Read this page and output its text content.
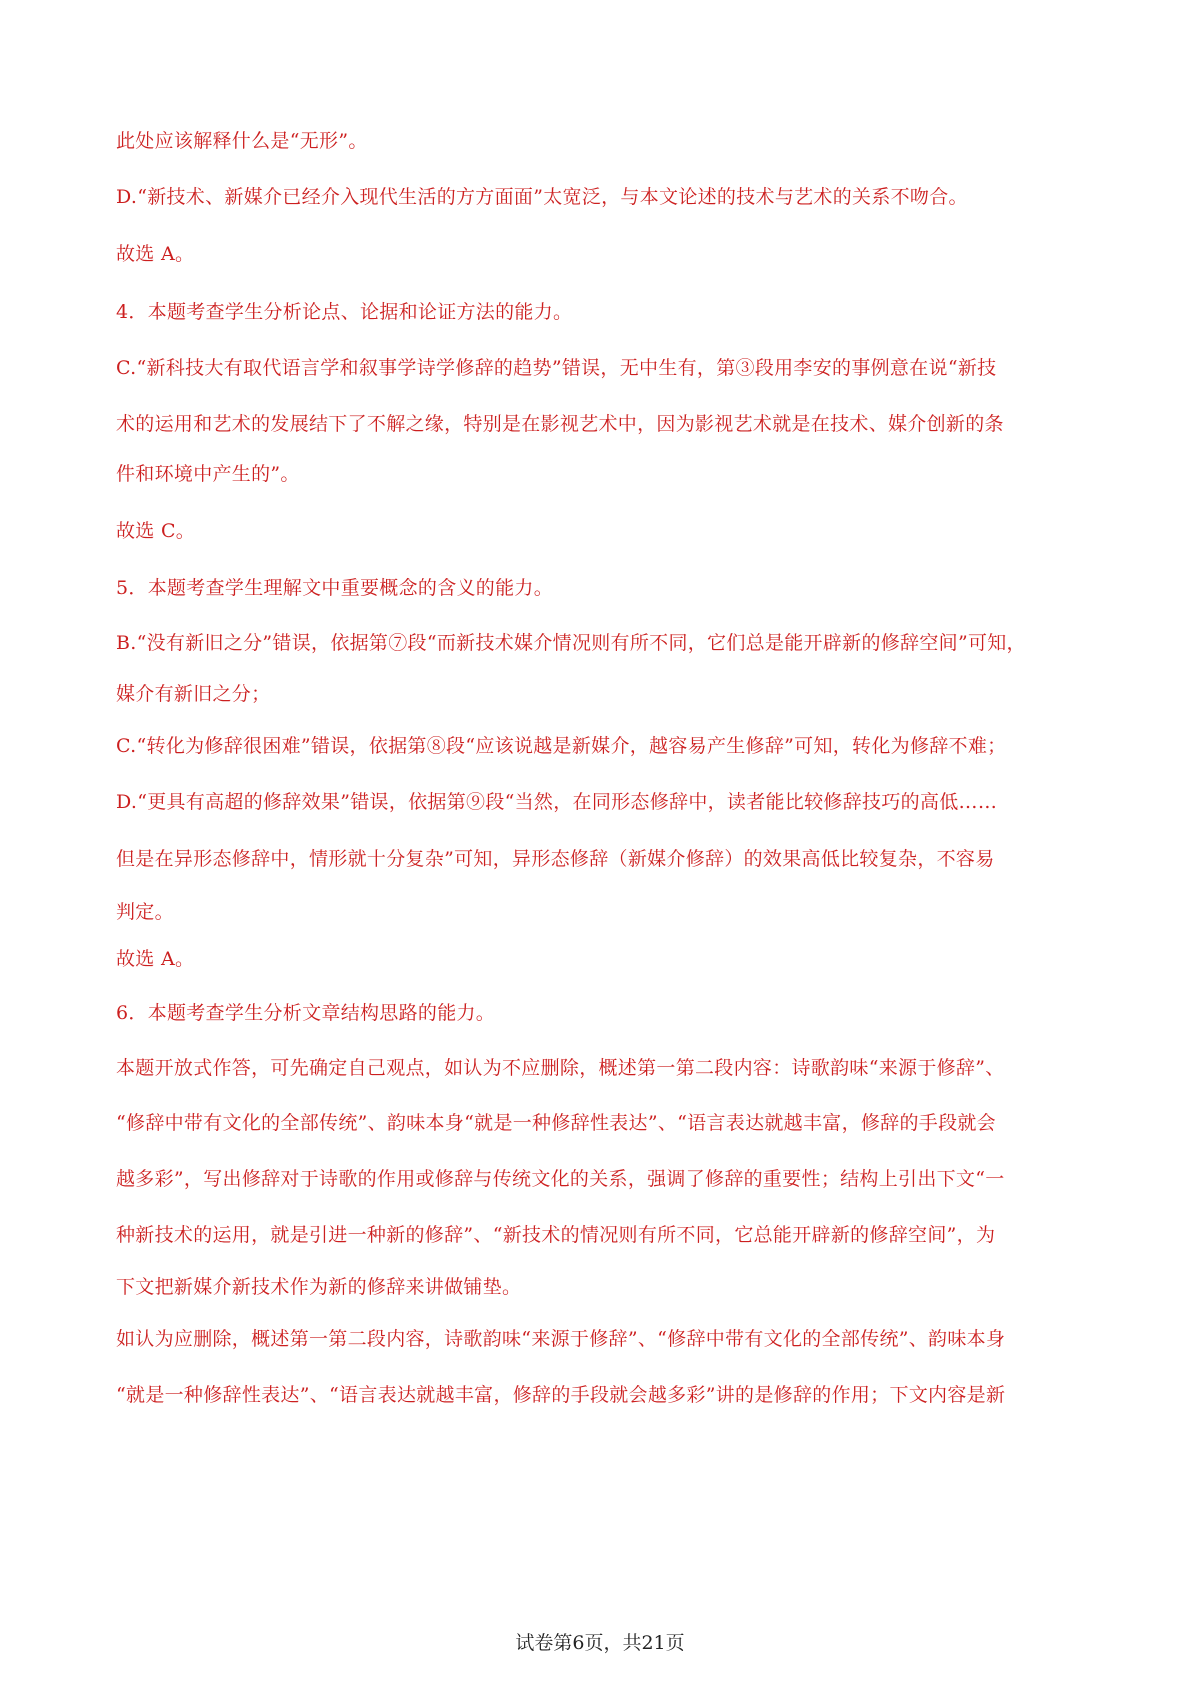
此处应该解释什么是“无形”。
D.“新技术、新媒介已经介入现代生活的方方面面”太宽泛，与本文论述的技术与艺术的关系不吻合。
故选 A。
4．本题考查学生分析论点、论据和论证方法的能力。
C.“新科技大有取代语言学和叙事学诗学修辞的趋势”错误，无中生有，第③段用李安的事例意在说“新技
术的运用和艺术的发展结下了不解之缘，特别是在影视艺术中，因为影视艺术就是在技术、媒介创新的条
件和环境中产生的”。
故选 C。
5．本题考查学生理解文中重要概念的含义的能力。
B.“没有新旧之分”错误，依据第⑦段“而新技术媒介情况则有所不同，它们总是能开辟新的修辞空间”可知，
媒介有新旧之分；
C.“转化为修辞很困难”错误，依据第⑧段“应该说越是新媒介，越容易产生修辞”可知，转化为修辞不难；
D.“更具有高超的修辞效果”错误，依据第⑨段“当然，在同形态修辞中，读者能比较修辞技巧的高低……
但是在异形态修辞中，情形就十分复杂”可知，异形态修辞（新媒介修辞）的效果高低比较复杂，不容易
判定。
故选 A。
6．本题考查学生分析文章结构思路的能力。
本题开放式作答，可先确定自己观点，如认为不应删除，概述第一第二段内容：诗歌韵味“来源于修辞”、
“修辞中带有文化的全部传统”、韵味本身“就是一种修辞性表达”、“语言表达就越丰富，修辞的手段就会
越多彩”，写出修辞对于诗歌的作用或修辞与传统文化的关系，强调了修辞的重要性；结构上引出下文“一
种新技术的运用，就是引进一种新的修辞”、“新技术的情况则有所不同，它总能开辟新的修辞空间”，为
下文把新媒介新技术作为新的修辞来讲做铺垫。
如认为应删除，概述第一第二段内容，诗歌韵味“来源于修辞”、“修辞中带有文化的全部传统”、韵味本身
“就是一种修辞性表达”、“语言表达就越丰富，修辞的手段就会越多彩”讲的是修辞的作用；下文内容是新
试卷第6页，共21页
